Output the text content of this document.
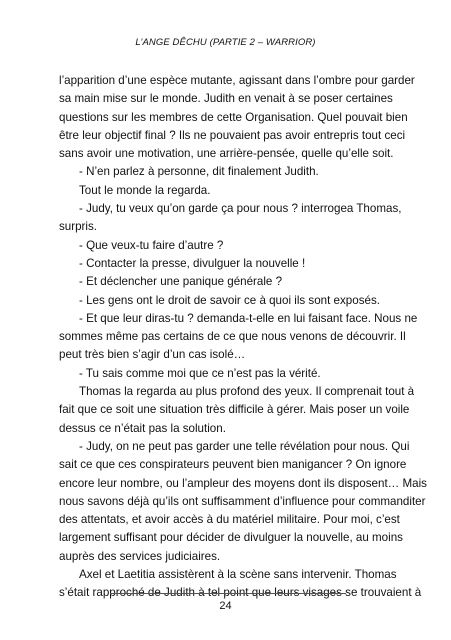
L’ANGE DÊCHU (PARTIE 2 – WARRIOR)
l’apparition d’une espèce mutante, agissant dans l’ombre pour garder
sa main mise sur le monde. Judith en venait à se poser certaines
questions sur les membres de cette Organisation. Quel pouvait bien
être leur objectif final ? Ils ne pouvaient pas avoir entrepris tout ceci
sans avoir une motivation, une arrière-pensée, quelle qu’elle soit.
- N’en parlez à personne, dit finalement Judith.
Tout le monde la regarda.
- Judy, tu veux qu’on garde ça pour nous ? interrogea Thomas,
surpris.
- Que veux-tu faire d’autre ?
- Contacter la presse, divulguer la nouvelle !
- Et déclencher une panique générale ?
- Les gens ont le droit de savoir ce à quoi ils sont exposés.
- Et que leur diras-tu ? demanda-t-elle en lui faisant face. Nous ne
sommes même pas certains de ce que nous venons de découvrir. Il
peut très bien s’agir d’un cas isolé…
- Tu sais comme moi que ce n’est pas la vérité.
Thomas la regarda au plus profond des yeux. Il comprenait tout à
fait que ce soit une situation très difficile à gérer. Mais poser un voile
dessus ce n’était pas la solution.
- Judy, on ne peut pas garder une telle révélation pour nous. Qui
sait ce que ces conspirateurs peuvent bien manigancer ? On ignore
encore leur nombre, ou l’ampleur des moyens dont ils disposent… Mais
nous savons déjà qu’ils ont suffisamment d’influence pour commanditer
des attentats, et avoir accès à du matériel militaire. Pour moi, c’est
largement suffisant pour décider de divulguer la nouvelle, au moins
auprès des services judiciaires.
Axel et Laetitia assistèrent à la scène sans intervenir. Thomas
s’était rapproché de Judith à tel point que leurs visages se trouvaient à
24
